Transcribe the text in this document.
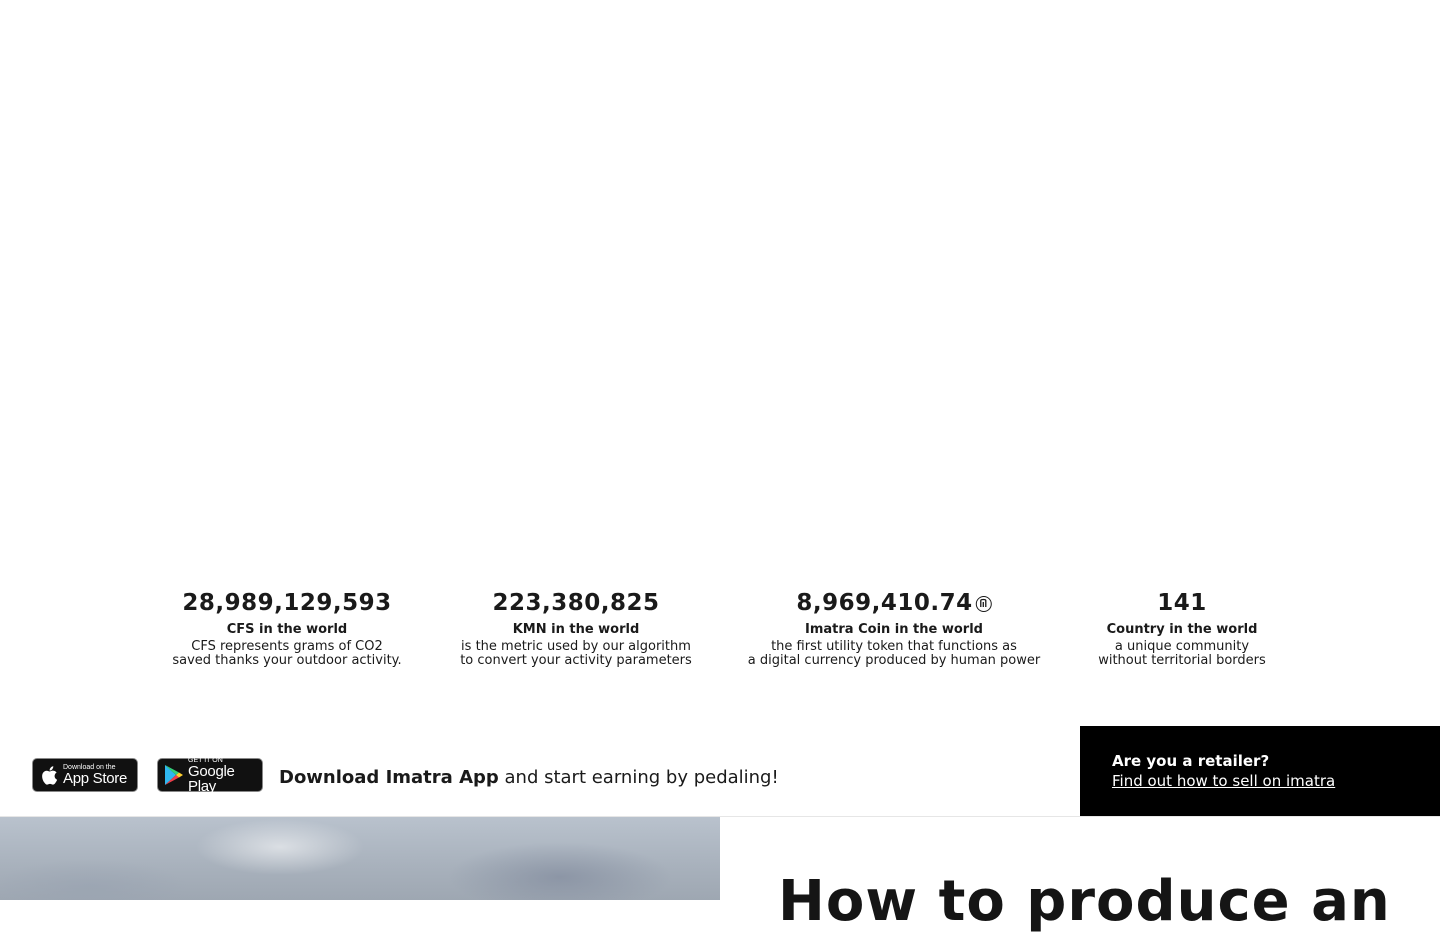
28,989,129,593
CFS in the world
CFS represents grams of CO2
saved thanks your outdoor activity.
223,380,825
KMN in the world
is the metric used by our algorithm
to convert your activity parameters
8,969,410.74
Imatra Coin in the world
the first utility token that functions as
a digital currency produced by human power
141
Country in the world
a unique community
without territorial borders
Download on the
App Store
GET IT ON
Google Play	Download Imatra App and start earning by pedaling!
Are you a retailer?
Find out how to sell on imatra
How to produce an
